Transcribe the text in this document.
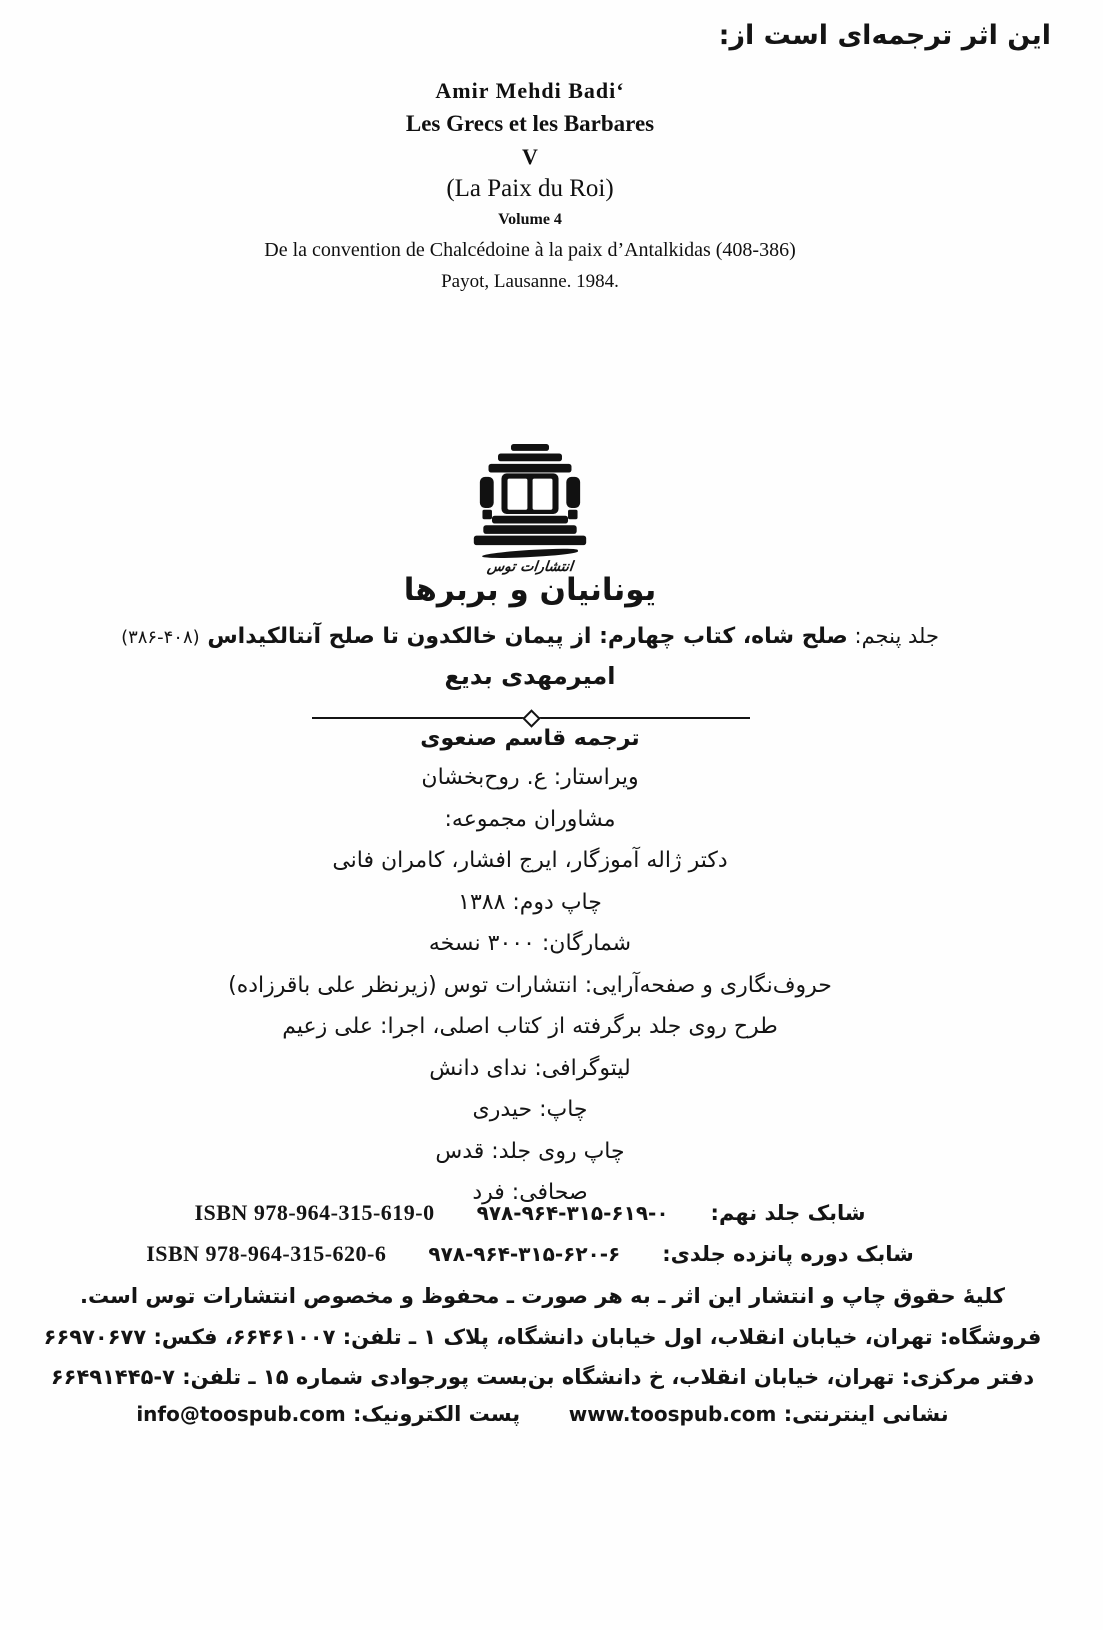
این اثر ترجمه‌ای است از:
Amir Mehdi Badi‘
Les Grecs et les Barbares
V
(La Paix du Roi)
Volume 4
De la convention de Chalcédoine à la paix d’Antalkidas (408-386)
Payot, Lausanne. 1984.
انتشارات توس
یونانیان و بربرها
جلد پنجم: صلح شاه، کتاب چهارم: از پیمان خالکدون تا صلح آنتالکیداس (۴۰۸-۳۸۶)
امیرمهدی بدیع
ترجمه قاسم صنعوی
ویراستار: ع. روح‌بخشان
مشاوران مجموعه:
دکتر ژاله آموزگار، ایرج افشار، کامران فانی
چاپ دوم: ۱۳۸۸
شمارگان: ۳۰۰۰ نسخه
حروف‌نگاری و صفحه‌آرایی: انتشارات توس (زیرنظر علی باقرزاده)
طرح روی جلد برگرفته از کتاب اصلی، اجرا: علی زعیم
لیتوگرافی: ندای دانش
چاپ: حیدری
چاپ روی جلد: قدس
صحافی: فرد
شابک جلد نهم:
۹۷۸-۹۶۴-۳۱۵-۶۱۹-۰
ISBN 978-964-315-619-0
شابک دوره پانزده جلدی:
۹۷۸-۹۶۴-۳۱۵-۶۲۰-۶
ISBN 978-964-315-620-6
کلیهٔ حقوق چاپ و انتشار این اثر ـ به هر صورت ـ محفوظ و مخصوص انتشارات توس است.
فروشگاه: تهران، خیابان انقلاب، اول خیابان دانشگاه، پلاک ۱ ـ تلفن: ۶۶۴۶۱۰۰۷، فکس: ۶۶۹۷۰۶۷۷
دفتر مرکزی: تهران، خیابان انقلاب، خ دانشگاه بن‌بست پورجوادی شماره ۱۵ ـ تلفن: ۷-۶۶۴۹۱۴۴۵
نشانی اینترنتی: www.toospub.com  پست الکترونیک: info@toospub.com
